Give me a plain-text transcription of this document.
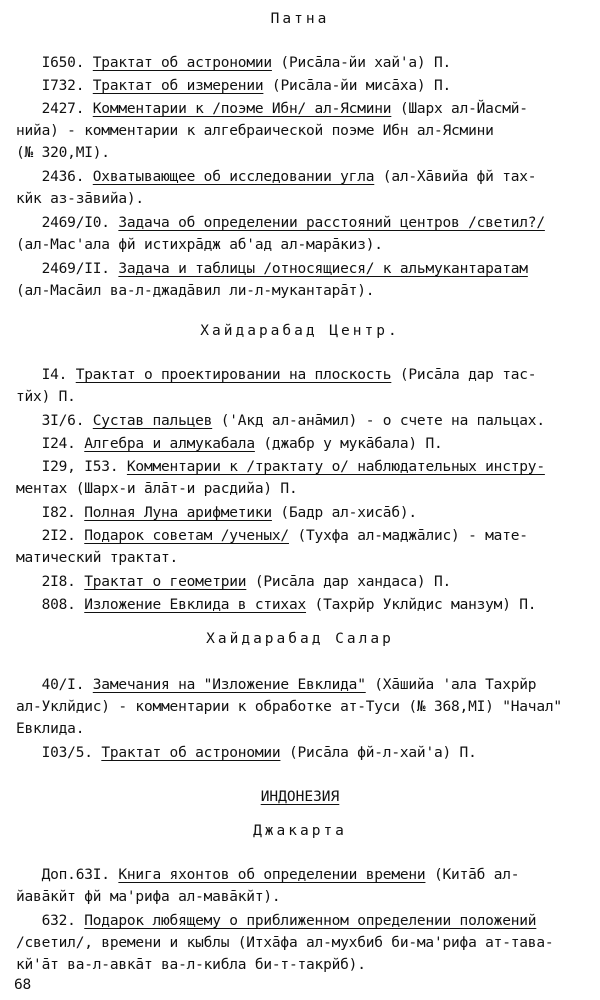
Патна
I650. Трактат об астрономии (Рисāла-йи хай'а) П.
I732. Трактат об измерении (Рисāла-йи мисāха) П.
2427. Комментарии к /поэме Ибн/ ал-Ясмини (Шарх ал-Йасмй-
нийа) - комментарии к алгебраической поэме Ибн ал-Ясмини
(№ 320,МI).
2436. Охватывающее об исследовании угла (ал-Хāвийа фй тах-
кйк аз-зāвийа).
2469/I0. Задача об определении расстояний центров /светил?/
(ал-Мас'ала фй истихрāдж аб'ад ал-марāкиз).
2469/II. Задача и таблицы /относящиеся/ к альмукантаратам
(ал-Масāил ва-л-джадāвил ли-л-мукантарāт).
Хайдарабад Центр.
I4. Трактат о проектировании на плоскость (Рисāла дар тас-
тйх) П.
3I/6. Сустав пальцев ('Акд ал-анāмил) - о счете на пальцах.
I24. Алгебра и алмукабала (джабр у мукāбала) П.
I29, I53. Комментарии к /трактату о/ наблюдательных инстру-
ментах (Шарх-и āлāт-и расдийа) П.
I82. Полная Луна арифметики (Бадр ал-хисāб).
2I2. Подарок советам /ученых/ (Тухфа ал-маджāлис) - мате-
матический трактат.
2I8. Трактат о геометрии (Рисāла дар хандаса) П.
808. Изложение Евклида в стихах (Тахрйр Уклйдис манзум) П.
Хайдарабад Салар
40/I. Замечания на "Изложение Евклида" (Хāшийа 'ала Тахрйр
ал-Уклйдис) - комментарии к обработке ат-Туси (№ 368,МI) "Начал"
Евклида.
I03/5. Трактат об астрономии (Рисāла фй-л-хай'а) П.
ИНДОНЕЗИЯ
Джакарта
Доп.63I. Книга яхонтов об определении времени (Китāб ал-
йавāкйт фй ма'рифа ал-мавāкйт).
632. Подарок любящему о приближенном определении положений
/светил/, времени и кыблы (Итхāфа ал-мухбиб би-ма'рифа ат-тава-
кй'āт ва-л-авкāт ва-л-кибла би-т-такрйб).
68
